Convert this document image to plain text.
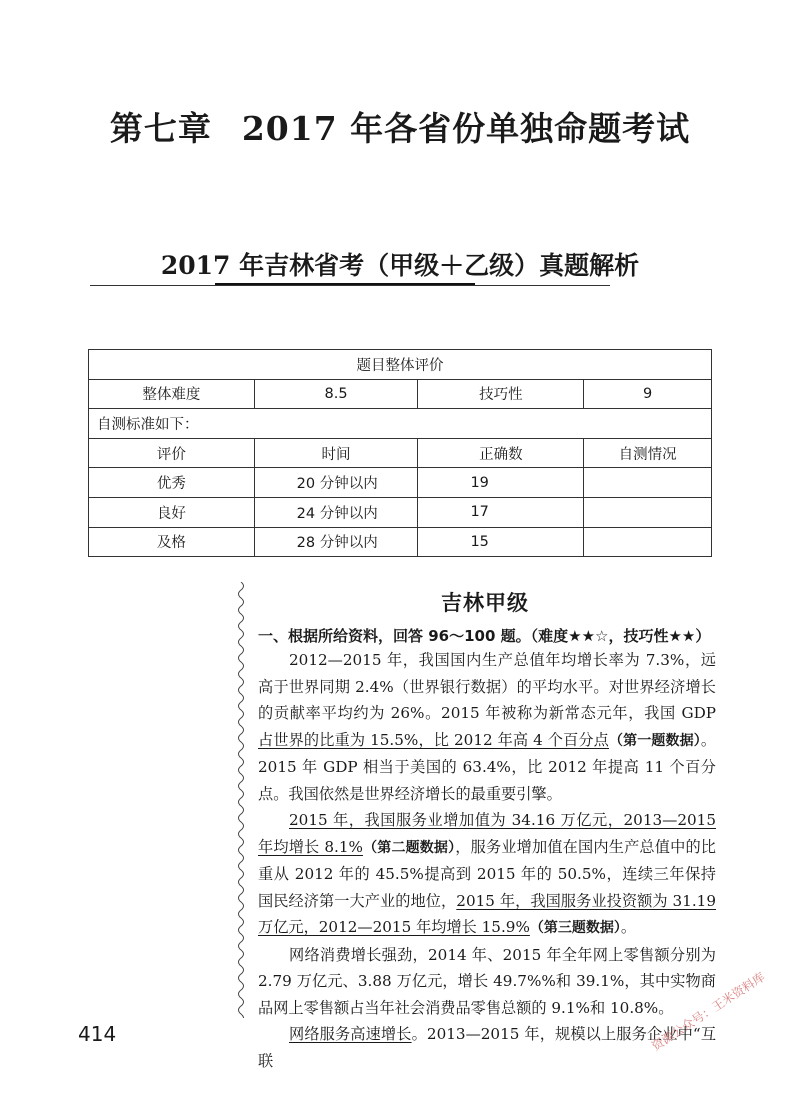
第七章 2017 年各省份单独命题考试
2017 年吉林省考（甲级＋乙级）真题解析
题目整体评价			
整体难度	8.5	技巧性	9
自测标准如下：			
评价	时间	正确数	自测情况
优秀	20 分钟以内	19	
良好	24 分钟以内	17	
及格	28 分钟以内	15	
吉林甲级
一、根据所给资料，回答 96～100 题。（难度★★☆，技巧性★★）

2012—2015 年，我国国内生产总值年均增长率为 7.3%，远高于世界同期 2.4%（世界银行数据）的平均水平。对世界经济增长的贡献率平均约为 26%。2015 年被称为新常态元年，我国 GDP 占世界的比重为 15.5%，比 2012 年高 4 个百分点（第一题数据）。2015 年 GDP 相当于美国的 63.4%，比 2012 年提高 11 个百分点。我国依然是世界经济增长的最重要引擎。

2015 年，我国服务业增加值为 34.16 万亿元，2013—2015 年均增长 8.1%（第二题数据），服务业增加值在国内生产总值中的比重从 2012 年的 45.5%提高到 2015 年的 50.5%，连续三年保持国民经济第一大产业的地位，2015 年，我国服务业投资额为 31.19 万亿元，2012—2015 年均增长 15.9%（第三题数据）。

网络消费增长强劲，2014 年、2015 年全年网上零售额分别为 2.79 万亿元、3.88 万亿元，增长 49.7%%和 39.1%，其中实物商品网上零售额占当年社会消费品零售总额的 9.1%和 10.8%。

网络服务高速增长。2013—2015 年，规模以上服务企业中“互联

414	资源公众号：王米资料库
